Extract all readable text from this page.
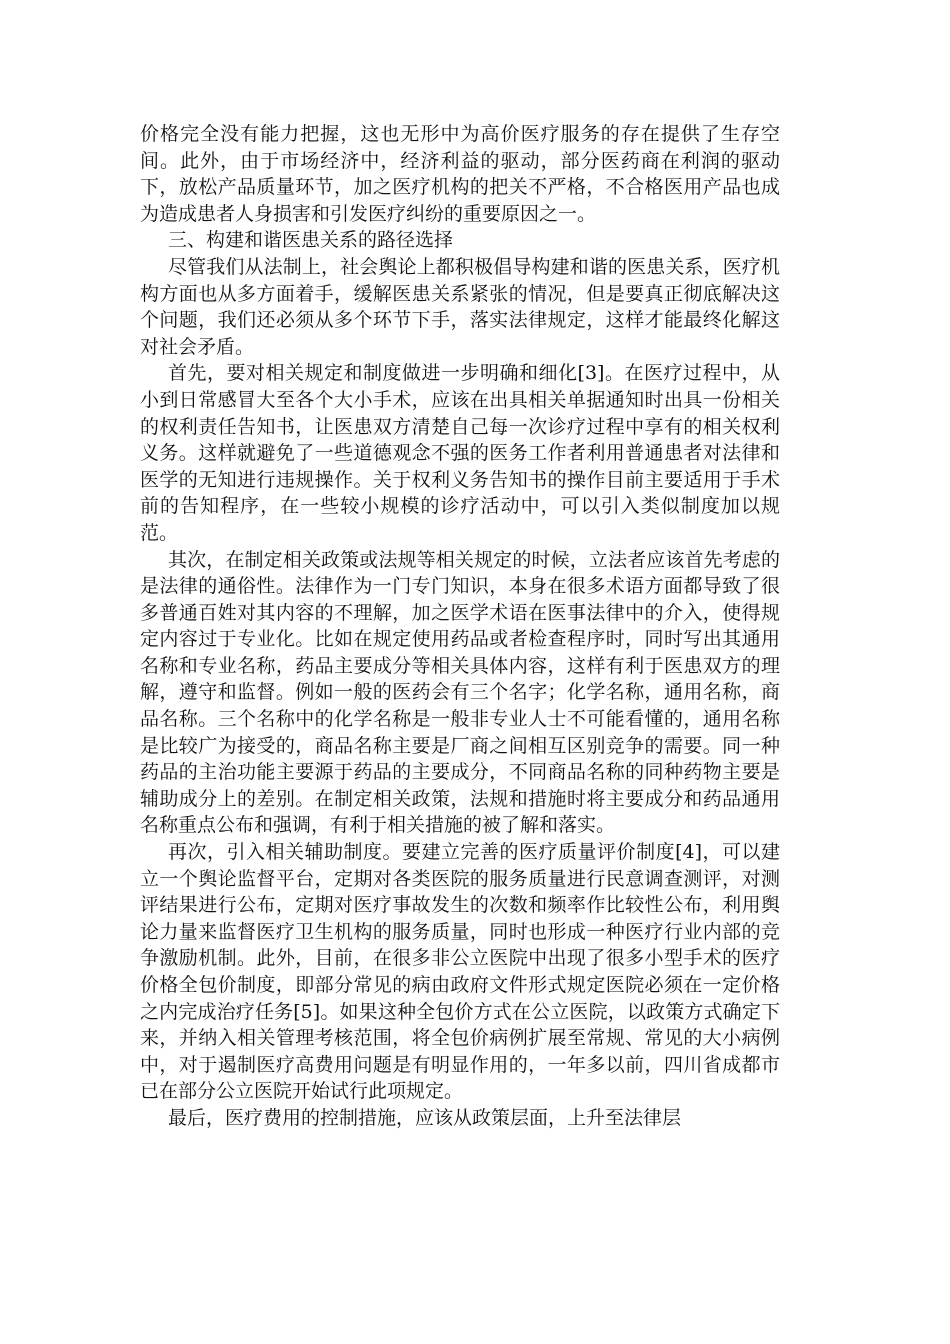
价格完全没有能力把握，这也无形中为高价医疗服务的存在提供了生存空间。此外，由于市场经济中，经济利益的驱动，部分医药商在利润的驱动下，放松产品质量环节，加之医疗机构的把关不严格，不合格医用产品也成为造成患者人身损害和引发医疗纠纷的重要原因之一。

三、构建和谐医患关系的路径选择

尽管我们从法制上，社会舆论上都积极倡导构建和谐的医患关系，医疗机构方面也从多方面着手，缓解医患关系紧张的情况，但是要真正彻底解决这个问题，我们还必须从多个环节下手，落实法律规定，这样才能最终化解这对社会矛盾。

首先，要对相关规定和制度做进一步明确和细化[3]。在医疗过程中，从小到日常感冒大至各个大小手术，应该在出具相关单据通知时出具一份相关的权利责任告知书，让医患双方清楚自己每一次诊疗过程中享有的相关权利义务。这样就避免了一些道德观念不强的医务工作者利用普通患者对法律和医学的无知进行违规操作。关于权利义务告知书的操作目前主要适用于手术前的告知程序，在一些较小规模的诊疗活动中，可以引入类似制度加以规范。

其次，在制定相关政策或法规等相关规定的时候，立法者应该首先考虑的是法律的通俗性。法律作为一门专门知识，本身在很多术语方面都导致了很多普通百姓对其内容的不理解，加之医学术语在医事法律中的介入，使得规定内容过于专业化。比如在规定使用药品或者检查程序时，同时写出其通用名称和专业名称，药品主要成分等相关具体内容，这样有利于医患双方的理解，遵守和监督。例如一般的医药会有三个名字；化学名称，通用名称，商品名称。三个名称中的化学名称是一般非专业人士不可能看懂的，通用名称是比较广为接受的，商品名称主要是厂商之间相互区别竞争的需要。同一种药品的主治功能主要源于药品的主要成分，不同商品名称的同种药物主要是辅助成分上的差别。在制定相关政策，法规和措施时将主要成分和药品通用名称重点公布和强调，有利于相关措施的被了解和落实。

再次，引入相关辅助制度。要建立完善的医疗质量评价制度[4]，可以建立一个舆论监督平台，定期对各类医院的服务质量进行民意调查测评，对测评结果进行公布，定期对医疗事故发生的次数和频率作比较性公布，利用舆论力量来监督医疗卫生机构的服务质量，同时也形成一种医疗行业内部的竞争激励机制。此外，目前，在很多非公立医院中出现了很多小型手术的医疗价格全包价制度，即部分常见的病由政府文件形式规定医院必须在一定价格之内完成治疗任务[5]。如果这种全包价方式在公立医院，以政策方式确定下来，并纳入相关管理考核范围，将全包价病例扩展至常规、常见的大小病例中，对于遏制医疗高费用问题是有明显作用的，一年多以前，四川省成都市已在部分公立医院开始试行此项规定。

最后，医疗费用的控制措施，应该从政策层面，上升至法律层
